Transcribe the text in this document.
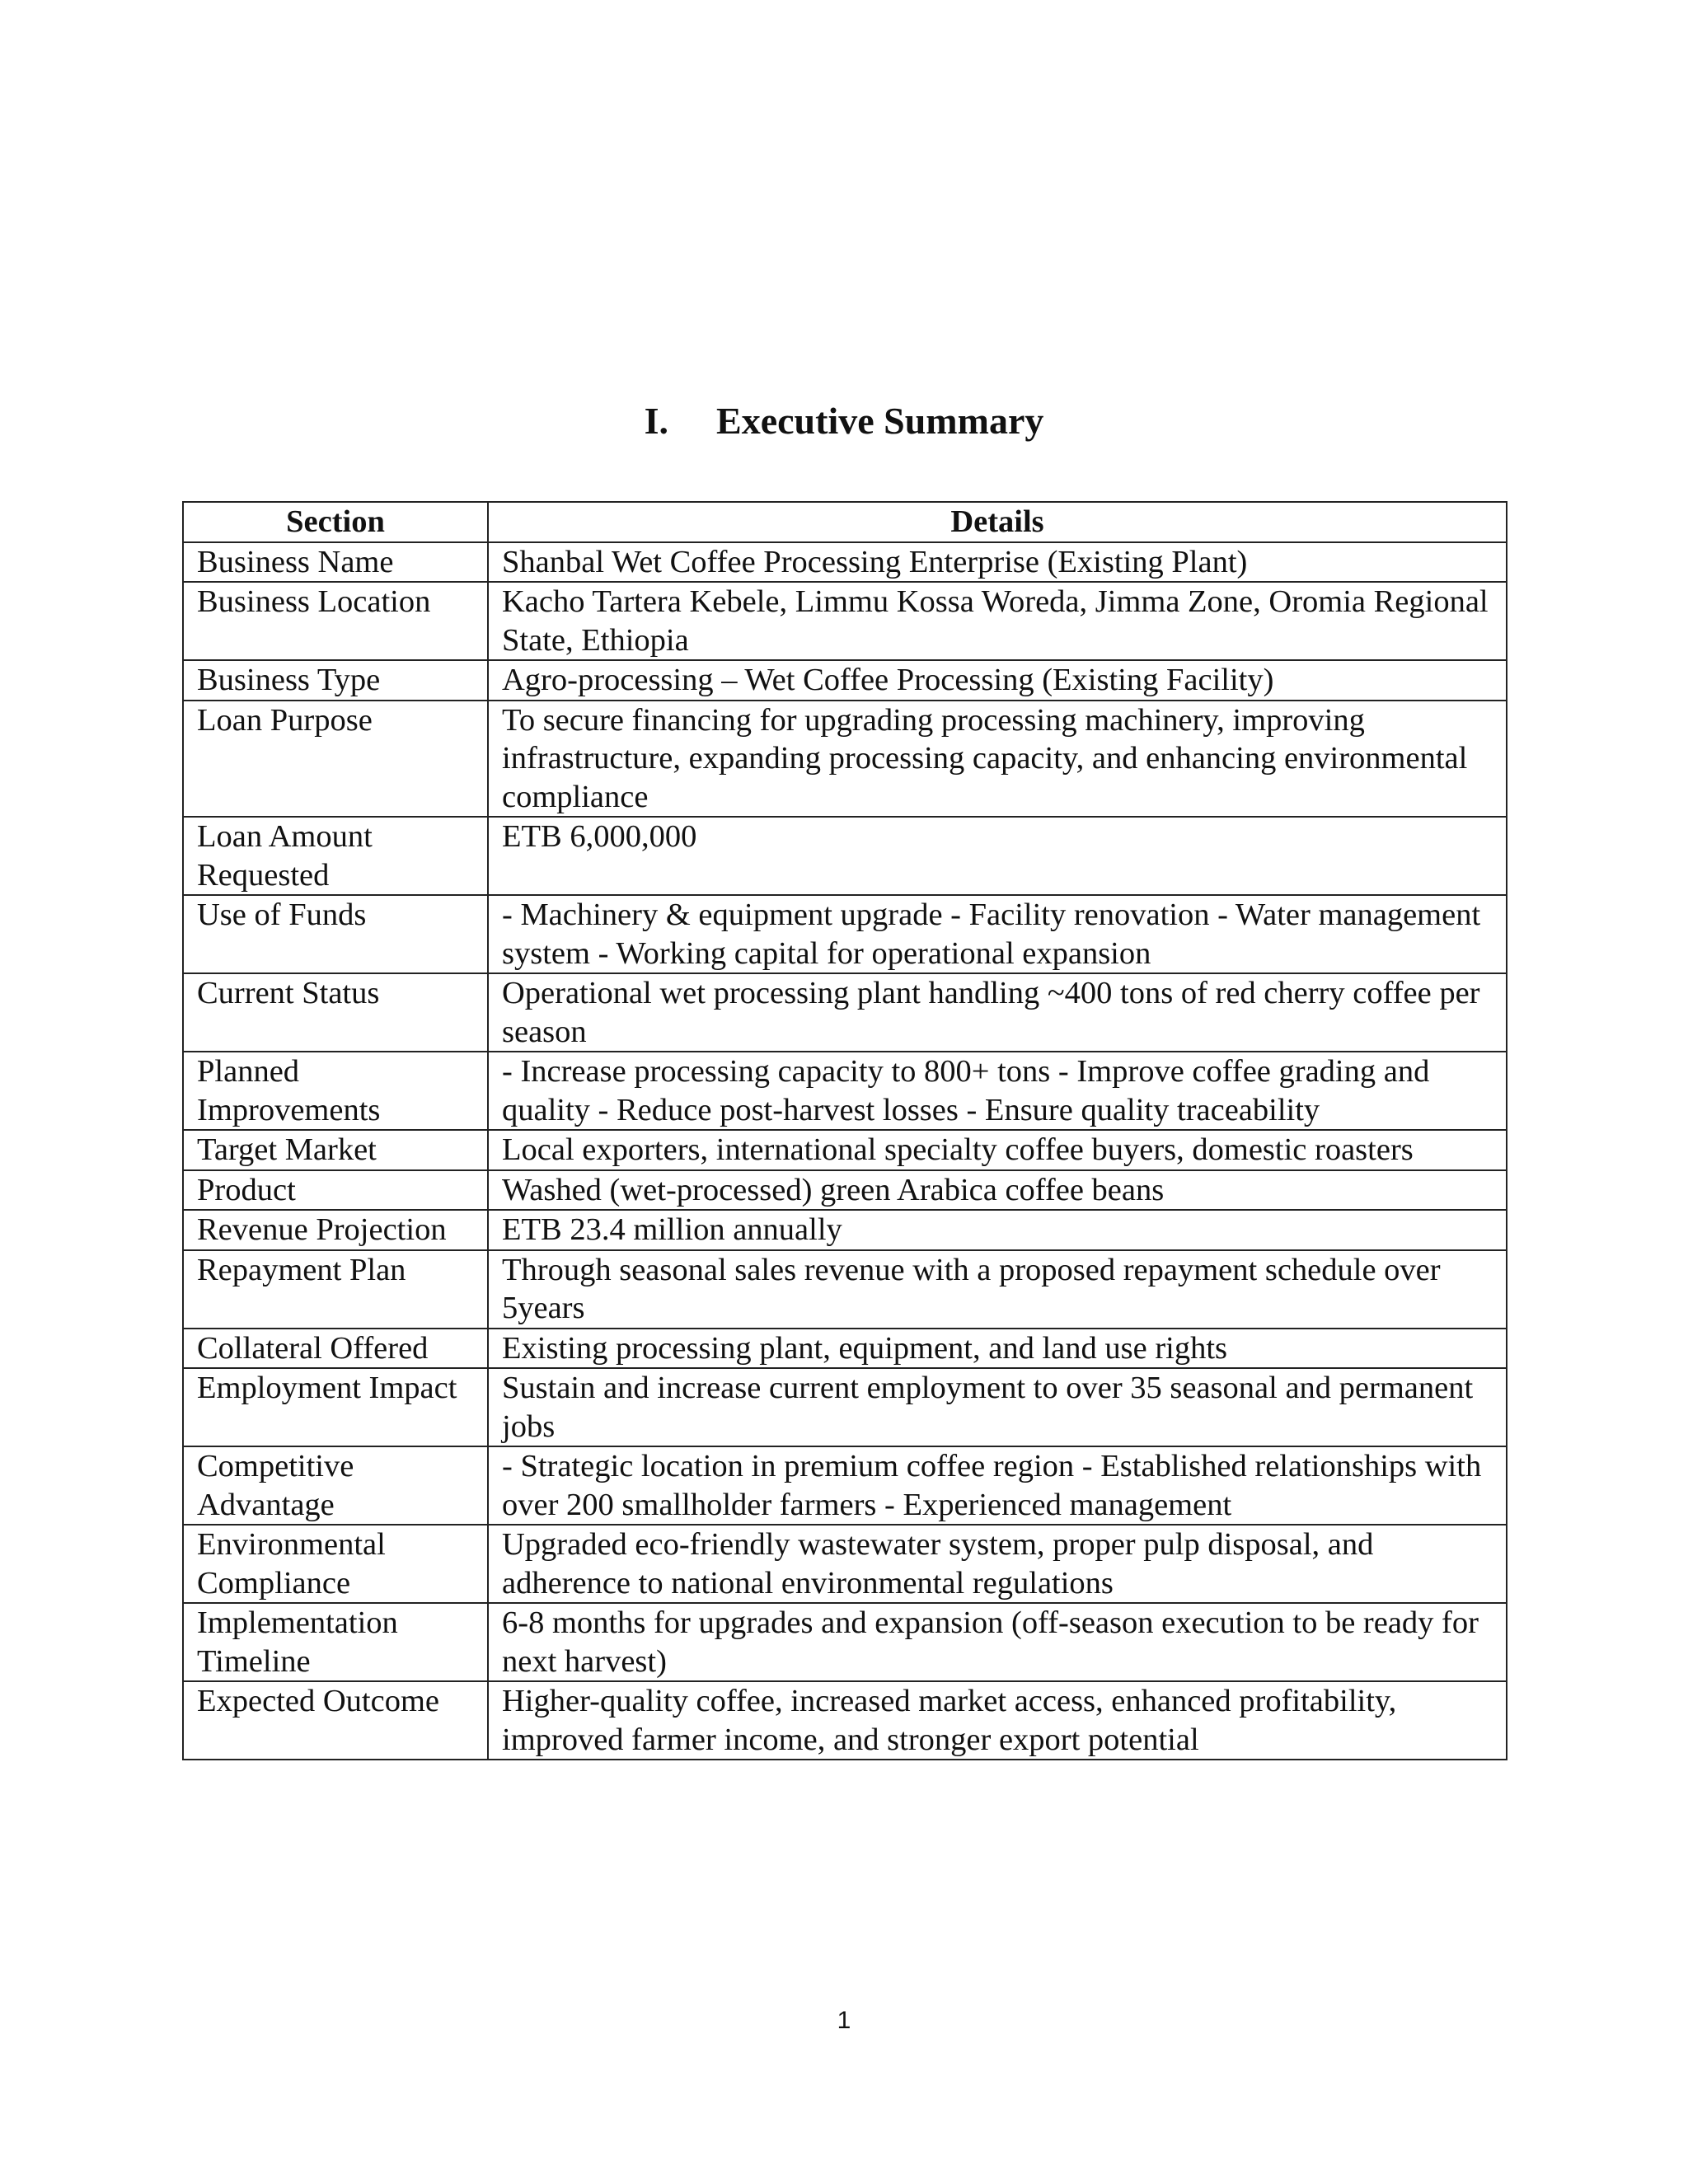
I. Executive Summary
Section	Details
Business Name	Shanbal Wet Coffee Processing Enterprise (Existing Plant)
Business Location	Kacho Tartera Kebele, Limmu Kossa Woreda, Jimma Zone, Oromia Regional State, Ethiopia
Business Type	Agro-processing – Wet Coffee Processing (Existing Facility)
Loan Purpose	To secure financing for upgrading processing machinery, improving infrastructure, expanding processing capacity, and enhancing environmental compliance
Loan Amount Requested	ETB 6,000,000
Use of Funds	- Machinery & equipment upgrade - Facility renovation - Water management system - Working capital for operational expansion
Current Status	Operational wet processing plant handling ~400 tons of red cherry coffee per season
Planned Improvements	- Increase processing capacity to 800+ tons - Improve coffee grading and quality - Reduce post-harvest losses - Ensure quality traceability
Target Market	Local exporters, international specialty coffee buyers, domestic roasters
Product	Washed (wet-processed) green Arabica coffee beans
Revenue Projection	ETB 23.4 million annually
Repayment Plan	Through seasonal sales revenue with a proposed repayment schedule over 5years
Collateral Offered	Existing processing plant, equipment, and land use rights
Employment Impact	Sustain and increase current employment to over 35 seasonal and permanent jobs
Competitive Advantage	- Strategic location in premium coffee region - Established relationships with over 200 smallholder farmers - Experienced management
Environmental Compliance	Upgraded eco-friendly wastewater system, proper pulp disposal, and adherence to national environmental regulations
Implementation Timeline	6-8 months for upgrades and expansion (off-season execution to be ready for next harvest)
Expected Outcome	Higher-quality coffee, increased market access, enhanced profitability, improved farmer income, and stronger export potential
1
